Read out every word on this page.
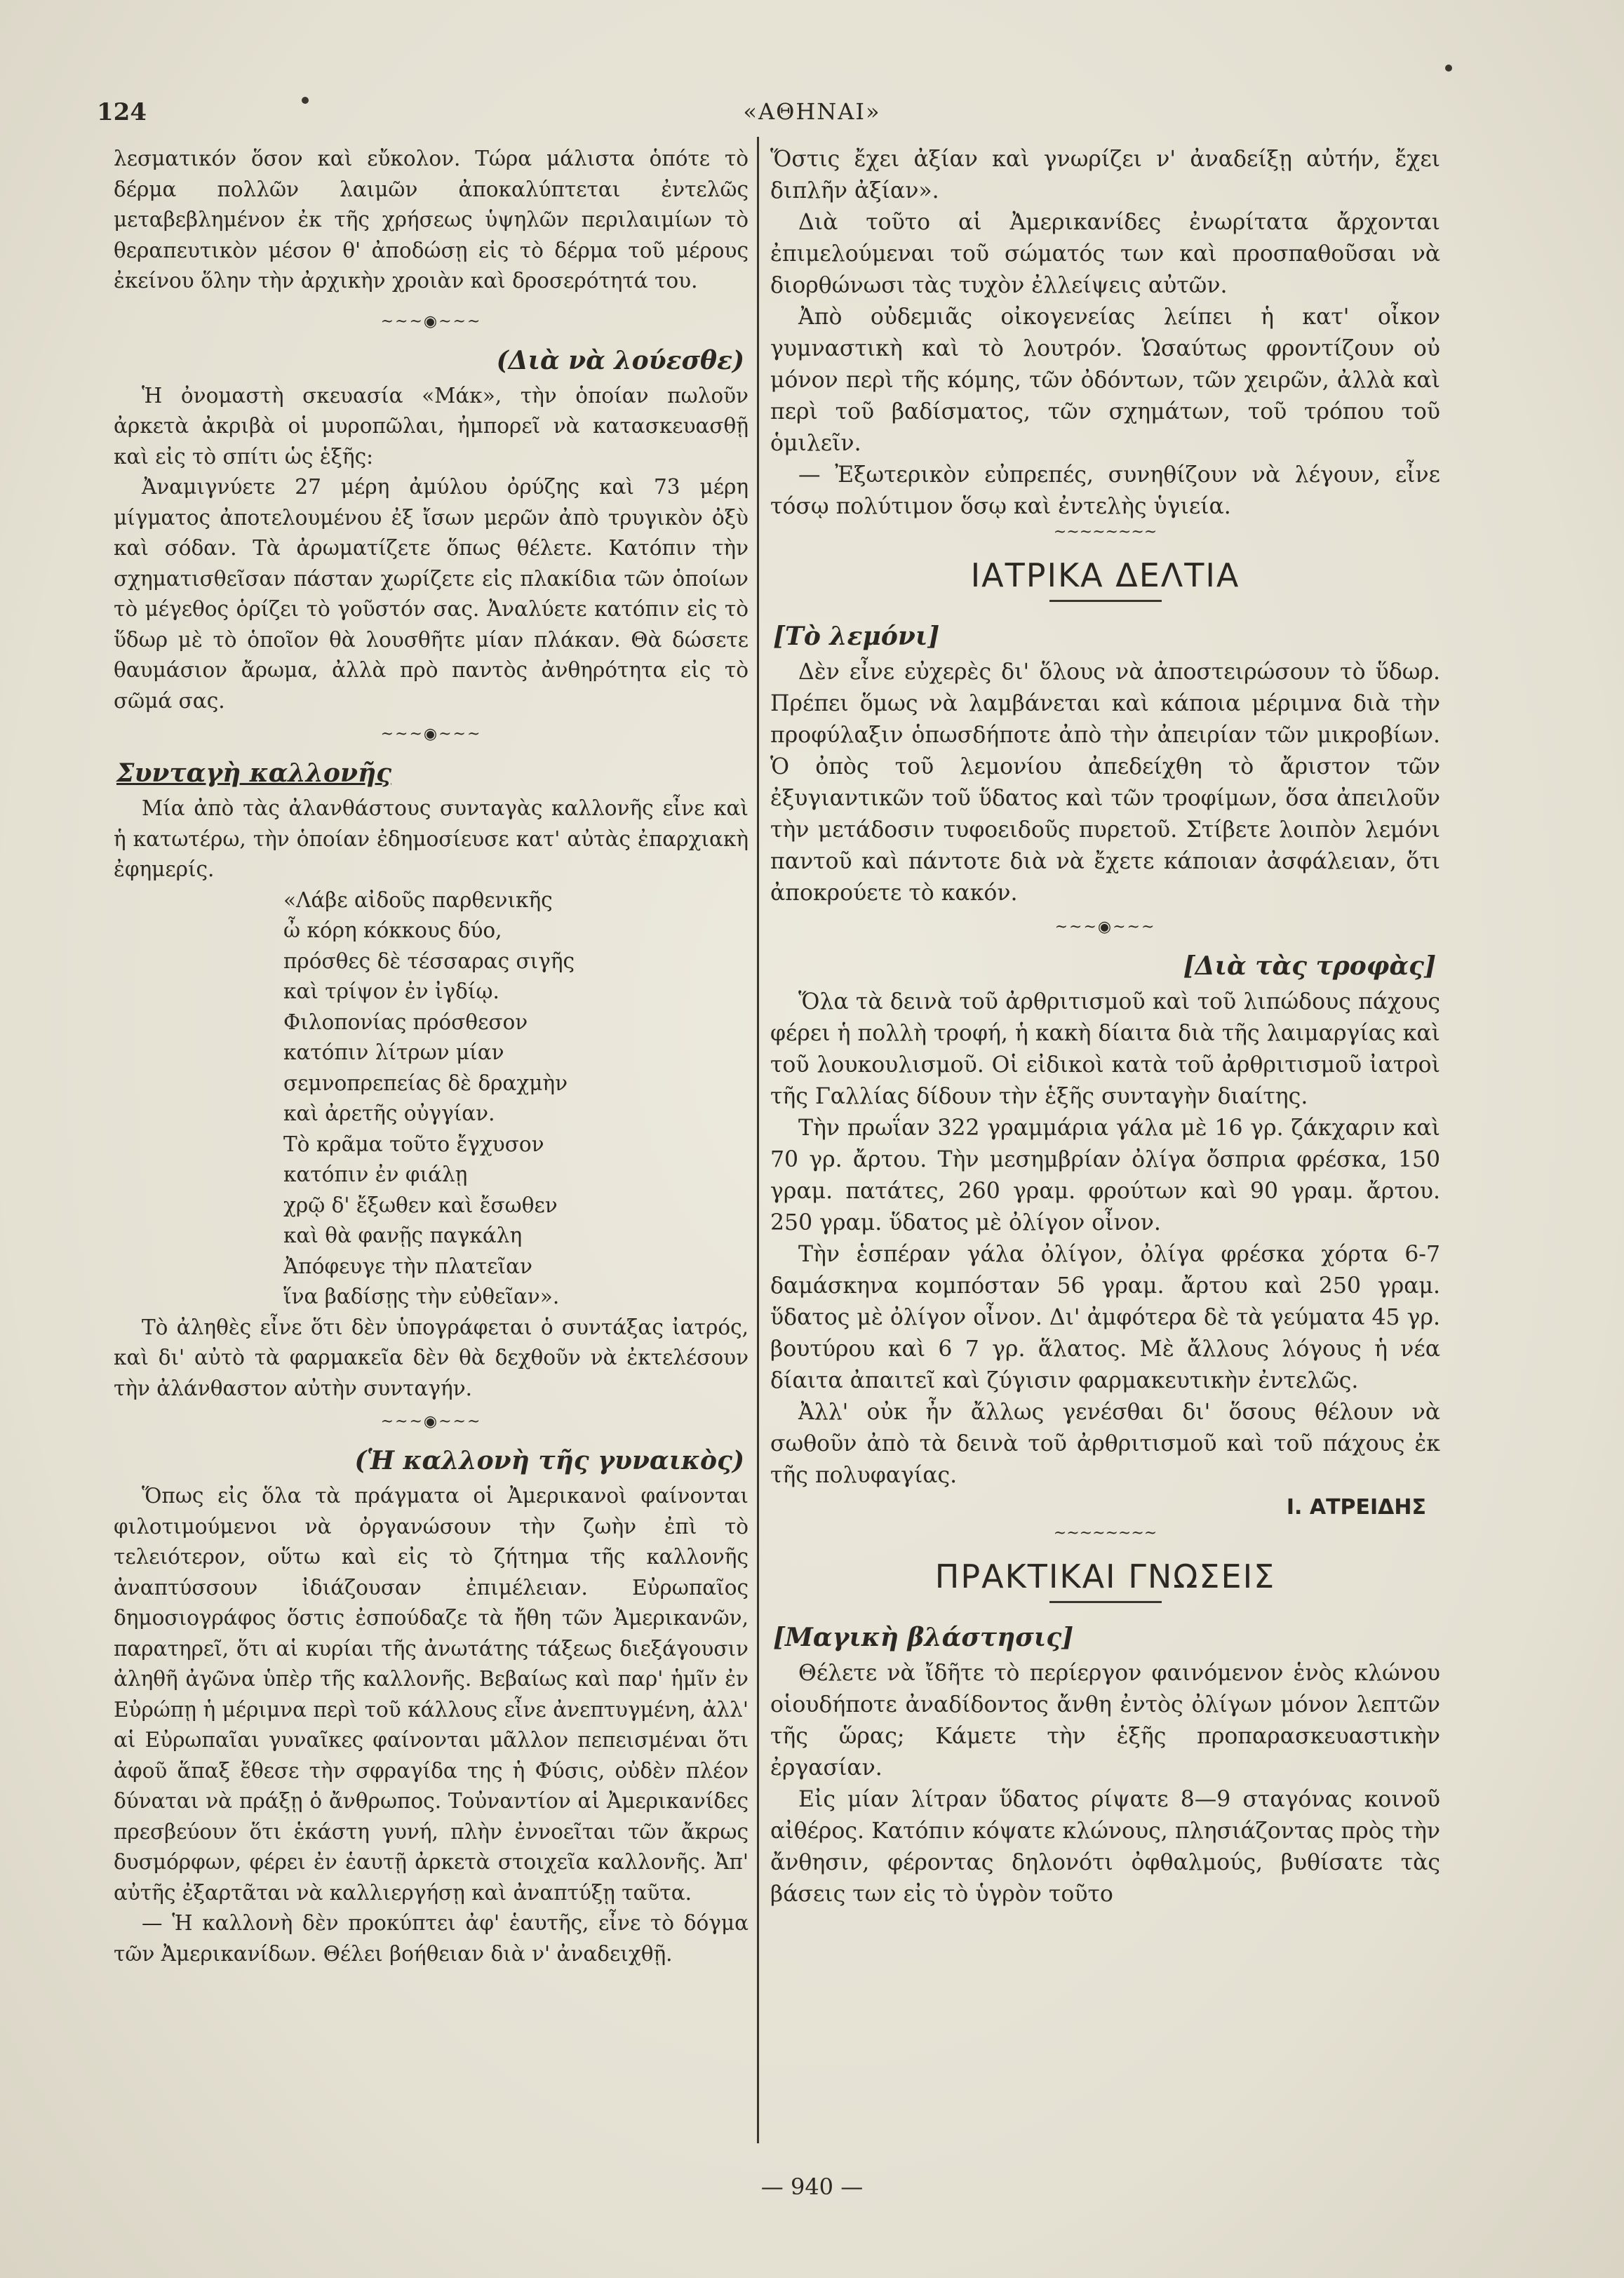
124	«ΑΘΗΝΑΙ»

λεσματικόν ὅσον καὶ εὔκολον. Τώρα μάλιστα ὁπότε τὸ δέρμα πολλῶν λαιμῶν ἀποκαλύπτεται ἐντελῶς μεταβεβλημένον ἐκ τῆς χρήσεως ὑψηλῶν περιλαιμίων τὸ θεραπευτικὸν μέσον θ' ἀποδώσῃ εἰς τὸ δέρμα τοῦ μέρους ἐκείνου ὅλην τὴν ἀρχικὴν χροιὰν καὶ δροσερότητά του.

~~~◉~~~
(Διὰ νὰ λούεσθε)

Ἡ ὀνομαστὴ σκευασία «Μάκ», τὴν ὁποίαν πωλοῦν ἀρκετὰ ἀκριβὰ οἱ μυροπῶλαι, ἠμπορεῖ νὰ κατασκευασθῇ καὶ εἰς τὸ σπίτι ὡς ἑξῆς:

Ἀναμιγνύετε 27 μέρη ἀμύλου ὀρύζης καὶ 73 μέρη μίγματος ἀποτελουμένου ἐξ ἴσων μερῶν ἀπὸ τρυγικὸν ὀξὺ καὶ σόδαν. Τὰ ἀρωματίζετε ὅπως θέλετε. Κατόπιν τὴν σχηματισθεῖσαν πάσταν χωρίζετε εἰς πλακίδια τῶν ὁποίων τὸ μέγεθος ὁρίζει τὸ γοῦστόν σας. Ἀναλύετε κατόπιν εἰς τὸ ὕδωρ μὲ τὸ ὁποῖον θὰ λουσθῆτε μίαν πλάκαν. Θὰ δώσετε θαυμάσιον ἄρωμα, ἀλλὰ πρὸ παντὸς ἀνθηρότητα εἰς τὸ σῶμά σας.

~~~◉~~~
Συνταγὴ καλλονῆς

Μία ἀπὸ τὰς ἀλανθάστους συνταγὰς καλλονῆς εἶνε καὶ ἡ κατωτέρω, τὴν ὁποίαν ἐδημοσίευσε κατ' αὐτὰς ἐπαρχιακὴ ἐφημερίς.

«Λάβε αἰδοῦς παρθενικῆς
ὦ κόρη κόκκους δύο,
πρόσθες δὲ τέσσαρας σιγῆς
καὶ τρίψον ἐν ἰγδίῳ.
Φιλοπονίας πρόσθεσον
κατόπιν λίτρων μίαν
σεμνοπρεπείας δὲ δραχμὴν
καὶ ἀρετῆς οὐγγίαν.
Τὸ κρᾶμα τοῦτο ἔγχυσον
κατόπιν ἐν φιάλῃ
χρῷ δ' ἔξωθεν καὶ ἔσωθεν
καὶ θὰ φανῇς παγκάλη
Ἀπόφευγε τὴν πλατεῖαν
ἵνα βαδίσῃς τὴν εὐθεῖαν».

Τὸ ἀληθὲς εἶνε ὅτι δὲν ὑπογράφεται ὁ συντάξας ἰατρός, καὶ δι' αὐτὸ τὰ φαρμακεῖα δὲν θὰ δεχθοῦν νὰ ἐκτελέσουν τὴν ἀλάνθαστον αὐτὴν συνταγήν.

~~~◉~~~
(Ἡ καλλονὴ τῆς γυναικὸς)

Ὅπως εἰς ὅλα τὰ πράγματα οἱ Ἀμερικανοὶ φαίνονται φιλοτιμούμενοι νὰ ὀργανώσουν τὴν ζωὴν ἐπὶ τὸ τελειότερον, οὕτω καὶ εἰς τὸ ζήτημα τῆς καλλονῆς ἀναπτύσσουν ἰδιάζουσαν ἐπιμέλειαν. Εὐρωπαῖος δημοσιογράφος ὅστις ἐσπούδαζε τὰ ἤθη τῶν Ἀμερικανῶν, παρατηρεῖ, ὅτι αἱ κυρίαι τῆς ἀνωτάτης τάξεως διεξάγουσιν ἀληθῆ ἀγῶνα ὑπὲρ τῆς καλλονῆς. Βεβαίως καὶ παρ' ἡμῖν ἐν Εὐρώπῃ ἡ μέριμνα περὶ τοῦ κάλλους εἶνε ἀνεπτυγμένη, ἀλλ' αἱ Εὐρωπαῖαι γυναῖκες φαίνονται μᾶλλον πεπεισμέναι ὅτι ἀφοῦ ἅπαξ ἔθεσε τὴν σφραγίδα της ἡ Φύσις, οὐδὲν πλέον δύναται νὰ πράξῃ ὁ ἄνθρωπος. Τοὐναντίον αἱ Ἀμερικανίδες πρεσβεύουν ὅτι ἑκάστη γυνή, πλὴν ἐννοεῖται τῶν ἄκρως δυσμόρφων, φέρει ἐν ἑαυτῇ ἀρκετὰ στοιχεῖα καλλονῆς. Ἀπ' αὐτῆς ἐξαρτᾶται νὰ καλλιεργήσῃ καὶ ἀναπτύξῃ ταῦτα.

— Ἡ καλλονὴ δὲν προκύπτει ἀφ' ἑαυτῆς, εἶνε τὸ δόγμα τῶν Ἀμερικανίδων. Θέλει βοήθειαν διὰ ν' ἀναδειχθῇ.

Ὅστις ἔχει ἀξίαν καὶ γνωρίζει ν' ἀναδείξῃ αὐτήν, ἔχει διπλῆν ἀξίαν».

Διὰ τοῦτο αἱ Ἀμερικανίδες ἐνωρίτατα ἄρχονται ἐπιμελούμεναι τοῦ σώματός των καὶ προσπαθοῦσαι νὰ διορθώνωσι τὰς τυχὸν ἐλλείψεις αὐτῶν.

Ἀπὸ οὐδεμιᾶς οἰκογενείας λείπει ἡ κατ' οἶκον γυμναστικὴ καὶ τὸ λουτρόν. Ὡσαύτως φροντίζουν οὐ μόνον περὶ τῆς κόμης, τῶν ὀδόντων, τῶν χειρῶν, ἀλλὰ καὶ περὶ τοῦ βαδίσματος, τῶν σχημάτων, τοῦ τρόπου τοῦ ὁμιλεῖν.

— Ἐξωτερικὸν εὐπρεπές, συνηθίζουν νὰ λέγουν, εἶνε τόσῳ πολύτιμον ὅσῳ καὶ ἐντελὴς ὑγιεία.

~~~~~~~~
ΙΑΤΡΙΚΑ ΔΕΛΤΙΑ
[Τὸ λεμόνι]

Δὲν εἶνε εὐχερὲς δι' ὅλους νὰ ἀποστειρώσουν τὸ ὕδωρ. Πρέπει ὅμως νὰ λαμβάνεται καὶ κάποια μέριμνα διὰ τὴν προφύλαξιν ὁπωσδήποτε ἀπὸ τὴν ἀπειρίαν τῶν μικροβίων. Ὁ ὀπὸς τοῦ λεμονίου ἀπεδείχθη τὸ ἄριστον τῶν ἐξυγιαντικῶν τοῦ ὕδατος καὶ τῶν τροφίμων, ὅσα ἀπειλοῦν τὴν μετάδοσιν τυφοειδοῦς πυρετοῦ. Στίβετε λοιπὸν λεμόνι παντοῦ καὶ πάντοτε διὰ νὰ ἔχετε κάποιαν ἀσφάλειαν, ὅτι ἀποκρούετε τὸ κακόν.

~~~◉~~~
[Διὰ τὰς τροφὰς]

Ὅλα τὰ δεινὰ τοῦ ἀρθριτισμοῦ καὶ τοῦ λιπώδους πάχους φέρει ἡ πολλὴ τροφή, ἡ κακὴ δίαιτα διὰ τῆς λαιμαργίας καὶ τοῦ λουκουλισμοῦ. Οἱ εἰδικοὶ κατὰ τοῦ ἀρθριτισμοῦ ἰατροὶ τῆς Γαλλίας δίδουν τὴν ἑξῆς συνταγὴν διαίτης.

Τὴν πρωΐαν 322 γραμμάρια γάλα μὲ 16 γρ. ζάκχαριν καὶ 70 γρ. ἄρτου. Τὴν μεσημβρίαν ὀλίγα ὄσπρια φρέσκα, 150 γραμ. πατάτες, 260 γραμ. φρούτων καὶ 90 γραμ. ἄρτου. 250 γραμ. ὕδατος μὲ ὀλίγον οἶνον.

Τὴν ἑσπέραν γάλα ὀλίγον, ὀλίγα φρέσκα χόρτα 6-7 δαμάσκηνα κομπόσταν 56 γραμ. ἄρτου καὶ 250 γραμ. ὕδατος μὲ ὀλίγον οἶνον. Δι' ἀμφότερα δὲ τὰ γεύματα 45 γρ. βουτύρου καὶ 6 7 γρ. ἅλατος. Μὲ ἄλλους λόγους ἡ νέα δίαιτα ἀπαιτεῖ καὶ ζύγισιν φαρμακευτικὴν ἐντελῶς.

Ἀλλ' οὐκ ἦν ἄλλως γενέσθαι δι' ὅσους θέλουν νὰ σωθοῦν ἀπὸ τὰ δεινὰ τοῦ ἀρθριτισμοῦ καὶ τοῦ πάχους ἐκ τῆς πολυφαγίας.

Ι. ΑΤΡΕΙΔΗΣ
~~~~~~~~
ΠΡΑΚΤΙΚΑΙ ΓΝΩΣΕΙΣ
[Μαγικὴ βλάστησις]

Θέλετε νὰ ἴδῆτε τὸ περίεργον φαινόμενον ἑνὸς κλώνου οἱουδήποτε ἀναδίδοντος ἄνθη ἐντὸς ὀλίγων μόνον λεπτῶν τῆς ὥρας; Κάμετε τὴν ἑξῆς προπαρασκευαστικὴν ἐργασίαν.

Εἰς μίαν λίτραν ὕδατος ρίψατε 8—9 σταγόνας κοινοῦ αἰθέρος. Κατόπιν κόψατε κλώνους, πλησιάζοντας πρὸς τὴν ἄνθησιν, φέροντας δηλονότι ὀφθαλμούς, βυθίσατε τὰς βάσεις των εἰς τὸ ὑγρὸν τοῦτο

— 940 —
